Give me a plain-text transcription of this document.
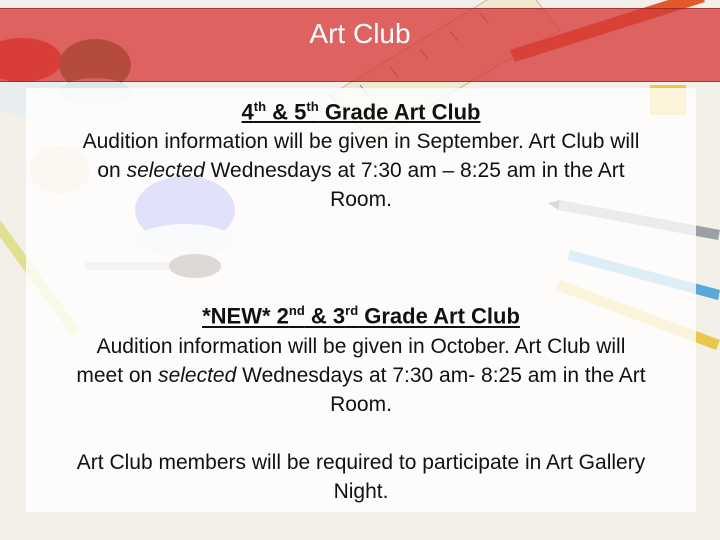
Art Club
4th & 5th Grade Art Club

Audition information will be given in September. Art Club will
on selected Wednesdays at 7:30 am – 8:25 am in the Art
Room.

*NEW* 2nd & 3rd Grade Art Club

Audition information will be given in October. Art Club will
meet on selected Wednesdays at 7:30 am- 8:25 am in the Art
Room.

Art Club members will be required to participate in Art Gallery
Night.
